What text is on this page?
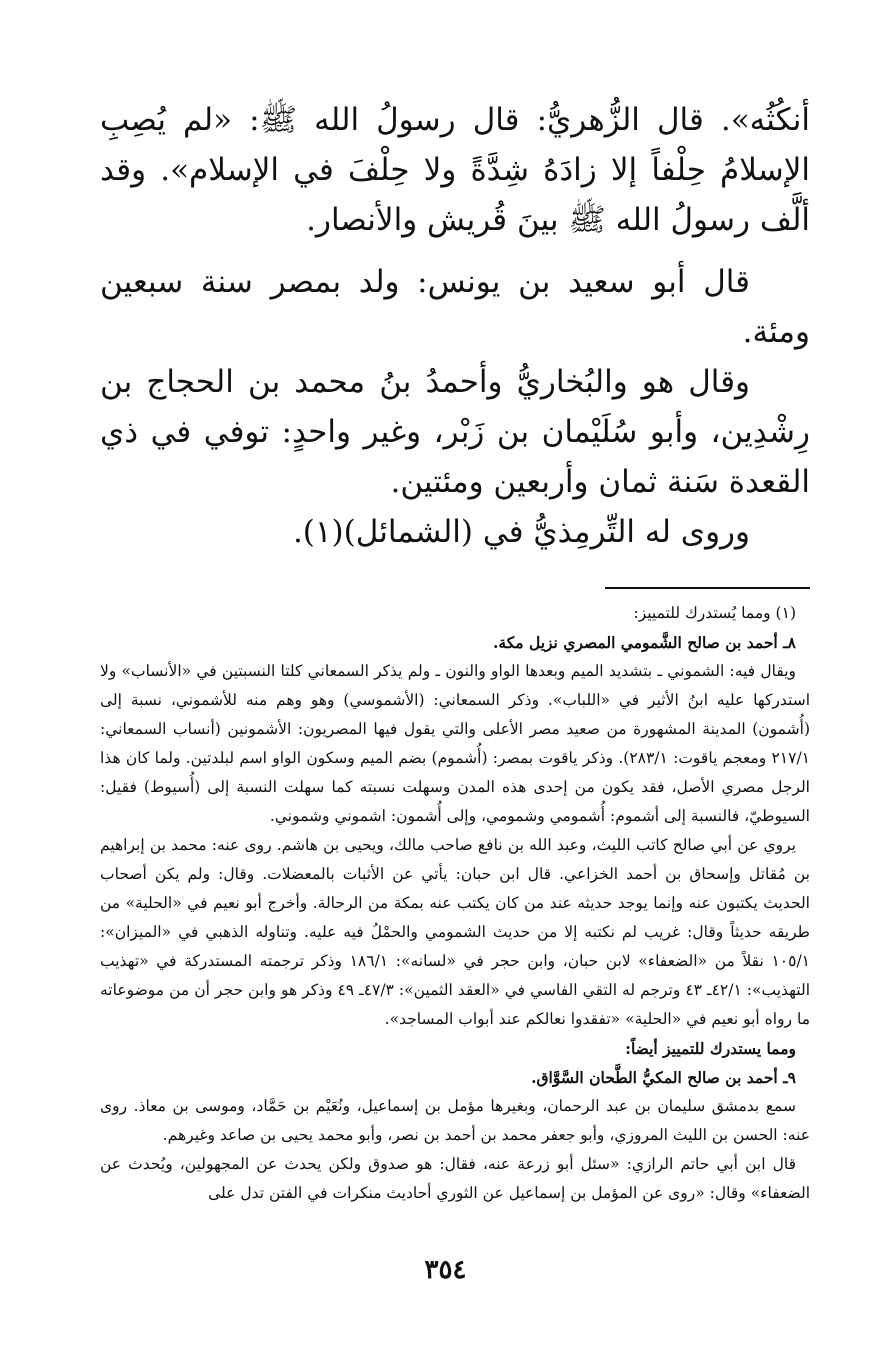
أنكُثُه». قال الزُّهريُّ: قال رسولُ الله ﷺ: «لم يُصِبِ الإسلامُ حِلْفاً إلا زادَهُ شِدَّةً ولا حِلْفَ في الإسلام». وقد ألَّف رسولُ الله ﷺ بينَ قُريش والأنصار.

قال أبو سعيد بن يونس: ولد بمصر سنة سبعين ومئة.

وقال هو والبُخاريُّ وأحمدُ بنُ محمد بن الحجاج بن رِشْدِين، وأبو سُلَيْمان بن زَبْر، وغير واحدٍ: توفي في ذي القعدة سَنة ثمان وأربعين ومئتين.

وروى له التِّرمِذيُّ في (الشمائل)(١).

(١) ومما يُستدرك للتمييز:

٨ـ أحمد بن صالح الشَّمومي المصري نزيل مكة.

ويقال فيه: الشموني ـ بتشديد الميم وبعدها الواو والنون ـ ولم يذكر السمعاني كلتا النسبتين في «الأنساب» ولا استدركها عليه ابنُ الأثير في «اللباب». وذكر السمعاني: (الأشموسي) وهو وهم منه للأشموني، نسبة إلى (أُشمون) المدينة المشهورة من صعيد مصر الأعلى والتي يقول فيها المصريون: الأشمونين (أنساب السمعاني: ٢١٧/١ ومعجم ياقوت: ٢٨٣/١). وذكر ياقوت بمصر: (أُشموم) بضم الميم وسكون الواو اسم لبلدتين. ولما كان هذا الرجل مصري الأصل، فقد يكون من إحدى هذه المدن وسهلت نسبته كما سهلت النسبة إلى (أُسيوط) فقيل: السيوطيّ، فالنسبة إلى أشموم: أُشمومي وشمومي، وإلى أُشمون: اشموني وشموني.

يروي عن أبي صالح كاتب الليث، وعبد الله بن نافع صاحب مالك، ويحيى بن هاشم. روى عنه: محمد بن إبراهيم بن مُقاتل وإسحاق بن أحمد الخزاعي. قال ابن حبان: يأتي عن الأثبات بالمعضلات. وقال: ولم يكن أصحاب الحديث يكتبون عنه وإنما يوجد حديثه عند من كان يكتب عنه بمكة من الرحالة. وأخرج أبو نعيم في «الحلية» من طريقه حديثاً وقال: غريب لم نكتبه إلا من حديث الشمومي والحمْلُ فيه عليه. وتناوله الذهبي في «الميزان»: ١٠٥/١ نقلاً من «الضعفاء» لابن حبان، وابن حجر في «لسانه»: ١٨٦/١ وذكر ترجمته المستدركة في «تهذيب التهذيب»: ٤٢/١ـ ٤٣ وترجم له التقي الفاسي في «العقد الثمين»: ٤٧/٣ـ ٤٩ وذكر هو وابن حجر أن من موضوعاته ما رواه أبو نعيم في «الحلية» «تفقدوا نعالكم عند أبواب المساجد».

ومما يستدرك للتمييز أيضاً:

٩ـ أحمد بن صالح المكيُّ الطَّحان السَّوَّاق.

سمع بدمشق سليمان بن عبد الرحمان، وبغيرها مؤمل بن إسماعيل، ونُعَيْم بن حَمَّاد، وموسى بن معاذ. روى عنه: الحسن بن الليث المروزي، وأبو جعفر محمد بن أحمد بن نصر، وأبو محمد يحيى بن صاعد وغيرهم.

قال ابن أبي حاتم الرازي: «سئل أبو زرعة عنه، فقال: هو صدوق ولكن يحدث عن المجهولين، ويُحدث عن الضعفاء» وقال: «روى عن المؤمل بن إسماعيل عن الثوري أحاديث منكرات في الفتن تدل على

٣٥٤
